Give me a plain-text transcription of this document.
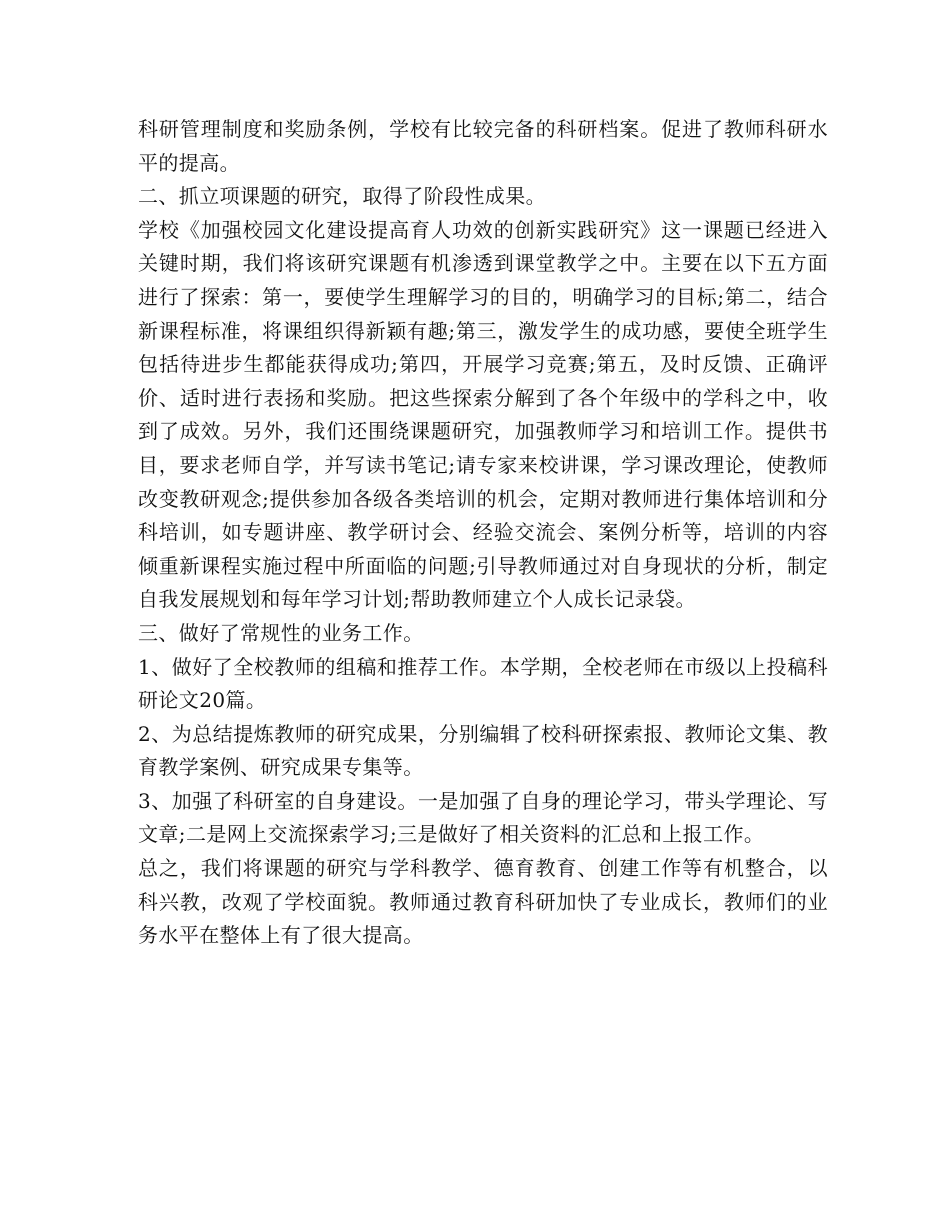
科研管理制度和奖励条例，学校有比较完备的科研档案。促进了教师科研水平的提高。

二、抓立项课题的研究，取得了阶段性成果。

学校《加强校园文化建设提高育人功效的创新实践研究》这一课题已经进入关键时期，我们将该研究课题有机渗透到课堂教学之中。主要在以下五方面进行了探索：第一，要使学生理解学习的目的，明确学习的目标;第二，结合新课程标准，将课组织得新颖有趣;第三，激发学生的成功感，要使全班学生包括待进步生都能获得成功;第四，开展学习竞赛;第五，及时反馈、正确评价、适时进行表扬和奖励。把这些探索分解到了各个年级中的学科之中，收到了成效。另外，我们还围绕课题研究，加强教师学习和培训工作。提供书目，要求老师自学，并写读书笔记;请专家来校讲课，学习课改理论，使教师改变教研观念;提供参加各级各类培训的机会，定期对教师进行集体培训和分科培训，如专题讲座、教学研讨会、经验交流会、案例分析等，培训的内容倾重新课程实施过程中所面临的问题;引导教师通过对自身现状的分析，制定自我发展规划和每年学习计划;帮助教师建立个人成长记录袋。

三、做好了常规性的业务工作。

1、做好了全校教师的组稿和推荐工作。本学期，全校老师在市级以上投稿科研论文20篇。

2、为总结提炼教师的研究成果，分别编辑了校科研探索报、教师论文集、教育教学案例、研究成果专集等。

3、加强了科研室的自身建设。一是加强了自身的理论学习，带头学理论、写文章;二是网上交流探索学习;三是做好了相关资料的汇总和上报工作。

总之，我们将课题的研究与学科教学、德育教育、创建工作等有机整合，以科兴教，改观了学校面貌。教师通过教育科研加快了专业成长，教师们的业务水平在整体上有了很大提高。
